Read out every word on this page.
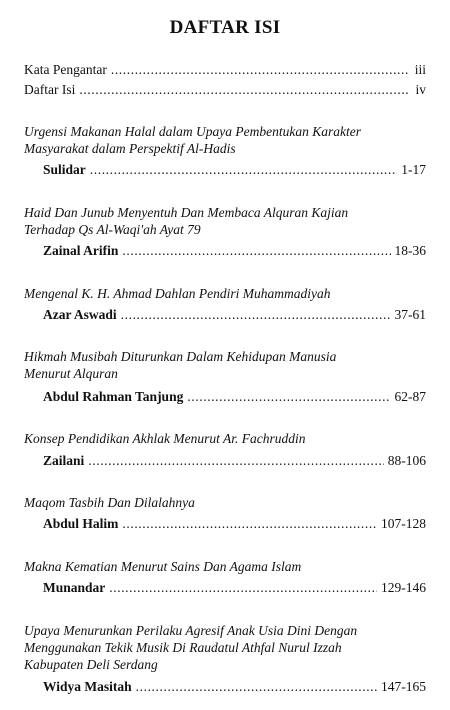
DAFTAR ISI
Kata Pengantar .....	iii
Daftar Isi .....	iv
Urgensi Makanan Halal dalam Upaya Pembentukan Karakter
Masyarakat dalam Perspektif Al-Hadis
Sulidar .....	1-17
Haid Dan Junub Menyentuh Dan Membaca Alquran Kajian
Terhadap Qs Al-Waqi'ah Ayat 79
Zainal Arifin .....	18-36
Mengenal K. H. Ahmad Dahlan Pendiri Muhammadiyah
Azar Aswadi .....	37-61
Hikmah Musibah Diturunkan Dalam Kehidupan Manusia
Menurut Alquran
Abdul Rahman Tanjung .....	62-87
Konsep Pendidikan Akhlak Menurut Ar. Fachruddin
Zailani .....	88-106
Maqom Tasbih Dan Dilalahnya
Abdul Halim .....	107-128
Makna Kematian Menurut Sains Dan Agama Islam
Munandar .....	129-146
Upaya Menurunkan Perilaku Agresif Anak Usia Dini Dengan
Menggunakan Tekik Musik Di Raudatul Athfal Nurul Izzah
Kabupaten Deli Serdang
Widya Masitah .....	147-165
